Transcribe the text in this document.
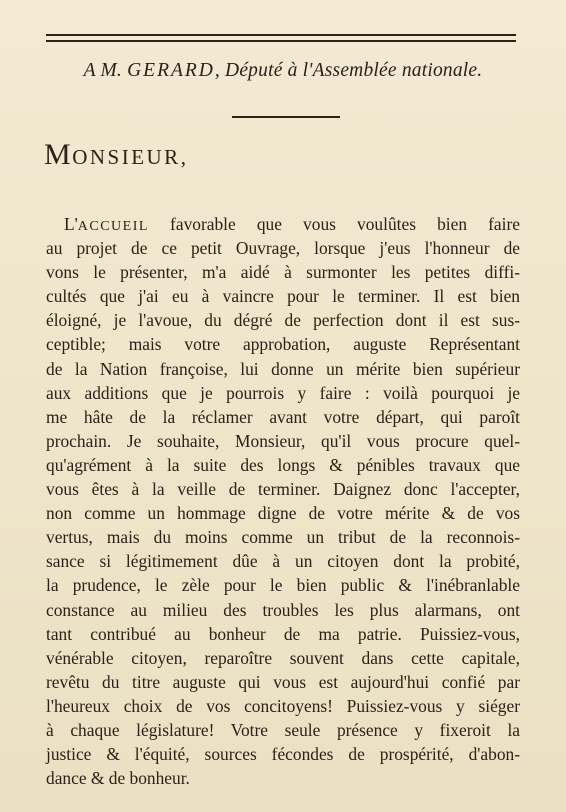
A M. GERARD, Député à l'Assemblée nationale.
MONSIEUR,
L'ACCUEIL favorable que vous voulûtes bien faire
au projet de ce petit Ouvrage, lorsque j'eus l'honneur de
vons le présenter, m'a aidé à surmonter les petites diffi-
cultés que j'ai eu à vaincre pour le terminer. Il est bien
éloigné, je l'avoue, du dégré de perfection dont il est sus-
ceptible; mais votre approbation, auguste Représentant
de la Nation françoise, lui donne un mérite bien supérieur
aux additions que je pourrois y faire : voilà pourquoi je
me hâte de la réclamer avant votre départ, qui paroît
prochain. Je souhaite, Monsieur, qu'il vous procure quel-
qu'agrément à la suite des longs & pénibles travaux que
vous êtes à la veille de terminer. Daignez donc l'accepter,
non comme un hommage digne de votre mérite & de vos
vertus, mais du moins comme un tribut de la reconnois-
sance si légitimement dûe à un citoyen dont la probité,
la prudence, le zèle pour le bien public & l'inébranlable
constance au milieu des troubles les plus alarmans, ont
tant contribué au bonheur de ma patrie. Puissiez-vous,
vénérable citoyen, reparoître souvent dans cette capitale,
revêtu du titre auguste qui vous est aujourd'hui confié par
l'heureux choix de vos concitoyens! Puissiez-vous y siéger
à chaque législature! Votre seule présence y fixeroit la
justice & l'équité, sources fécondes de prospérité, d'abon-
dance & de bonheur.
